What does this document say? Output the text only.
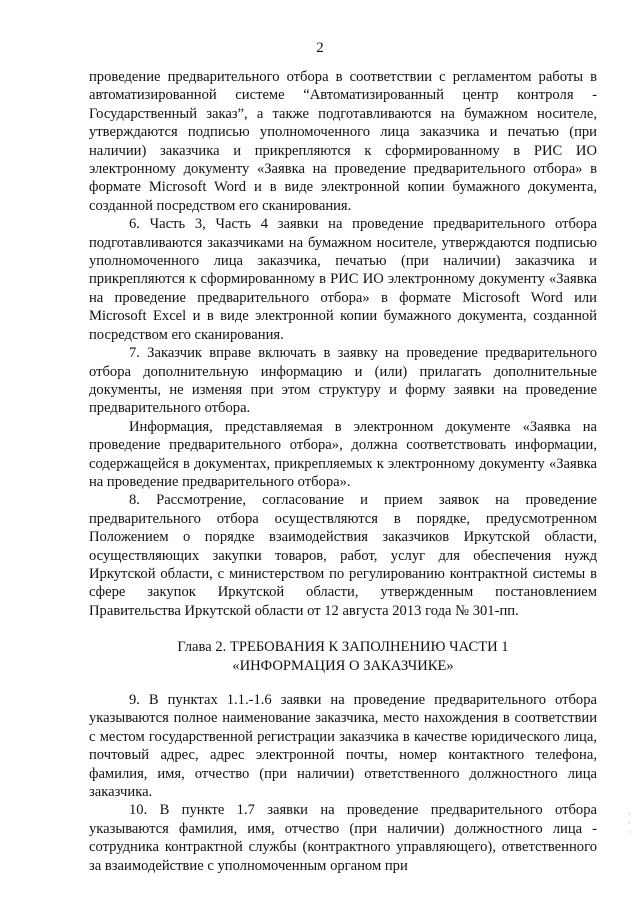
2

проведение предварительного отбора в соответствии с регламентом работы в автоматизированной системе “Автоматизированный центр контроля - Государственный заказ”, а также подготавливаются на бумажном носителе, утверждаются подписью уполномоченного лица заказчика и печатью (при наличии) заказчика и прикрепляются к сформированному в РИС ИО электронному документу «Заявка на проведение предварительного отбора» в формате Microsoft Word и в виде электронной копии бумажного документа, созданной посредством его сканирования.

6. Часть 3, Часть 4 заявки на проведение предварительного отбора подготавливаются заказчиками на бумажном носителе, утверждаются подписью уполномоченного лица заказчика, печатью (при наличии) заказчика и прикрепляются к сформированному в РИС ИО электронному документу «Заявка на проведение предварительного отбора» в формате Microsoft Word или Microsoft Excel и в виде электронной копии бумажного документа, созданной посредством его сканирования.

7. Заказчик вправе включать в заявку на проведение предварительного отбора дополнительную информацию и (или) прилагать дополнительные документы, не изменяя при этом структуру и форму заявки на проведение предварительного отбора.

Информация, представляемая в электронном документе «Заявка на проведение предварительного отбора», должна соответствовать информации, содержащейся в документах, прикрепляемых к электронному документу «Заявка на проведение предварительного отбора».

8. Рассмотрение, согласование и прием заявок на проведение предварительного отбора осуществляются в порядке, предусмотренном Положением о порядке взаимодействия заказчиков Иркутской области, осуществляющих закупки товаров, работ, услуг для обеспечения нужд Иркутской области, с министерством по регулированию контрактной системы в сфере закупок Иркутской области, утвержденным постановлением Правительства Иркутской области от 12 августа 2013 года № 301-пп.

Глава 2. ТРЕБОВАНИЯ К ЗАПОЛНЕНИЮ ЧАСТИ 1
«ИНФОРМАЦИЯ О ЗАКАЗЧИКЕ»

9. В пунктах 1.1.-1.6 заявки на проведение предварительного отбора указываются полное наименование заказчика, место нахождения в соответствии с местом государственной регистрации заказчика в качестве юридического лица, почтовый адрес, адрес электронной почты, номер контактного телефона, фамилия, имя, отчество (при наличии) ответственного должностного лица заказчика.

10. В пункте 1.7 заявки на проведение предварительного отбора указываются фамилия, имя, отчество (при наличии) должностного лица - сотрудника контрактной службы (контрактного управляющего), ответственного за взаимодействие с уполномоченным органом при

·
·
·
